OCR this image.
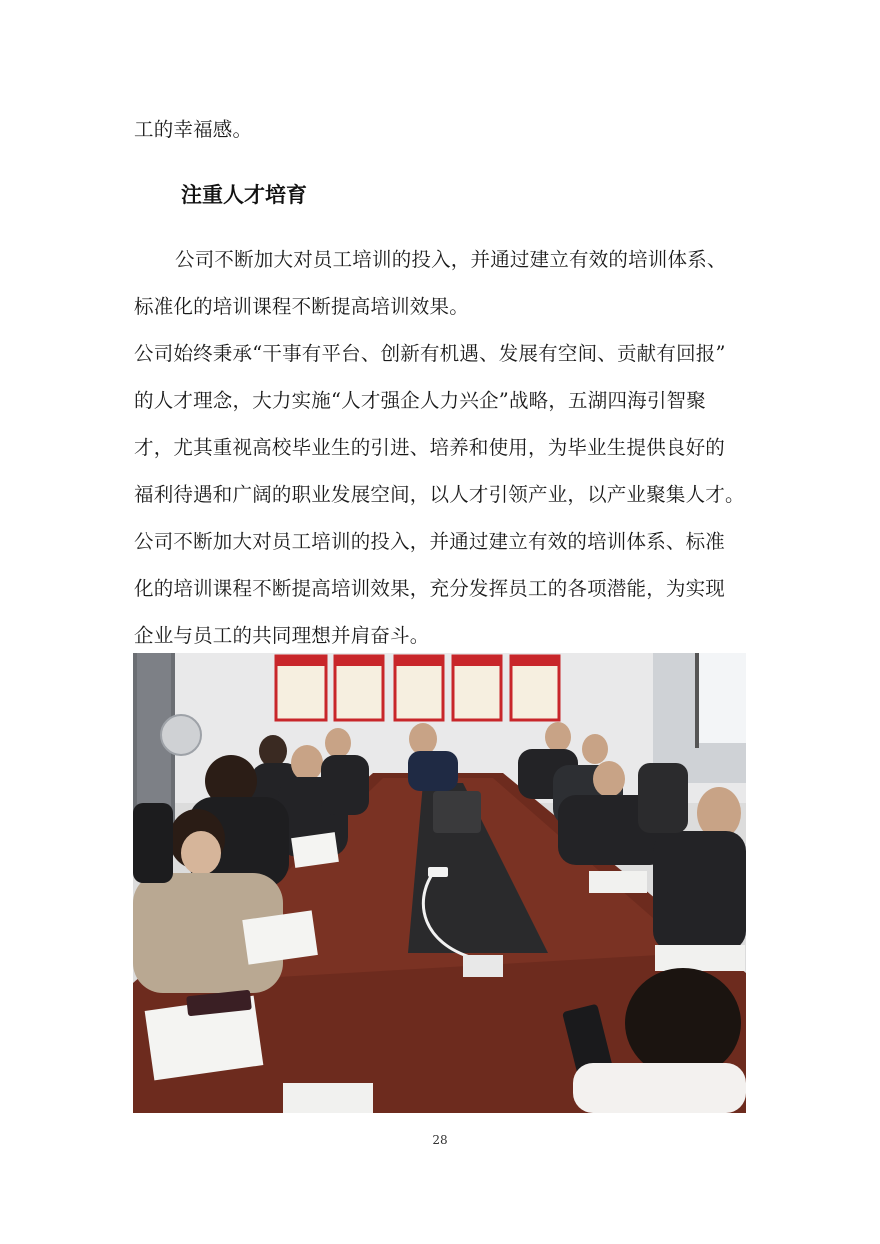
工的幸福感。
注重人才培育
公司不断加大对员工培训的投入，并通过建立有效的培训体系、
标准化的培训课程不断提高培训效果。
公司始终秉承“干事有平台、创新有机遇、发展有空间、贡献有回报”
的人才理念，大力实施“人才强企人力兴企”战略，五湖四海引智聚
才，尤其重视高校毕业生的引进、培养和使用，为毕业生提供良好的
福利待遇和广阔的职业发展空间，以人才引领产业，以产业聚集人才。
公司不断加大对员工培训的投入，并通过建立有效的培训体系、标准
化的培训课程不断提高培训效果，充分发挥员工的各项潜能，为实现
企业与员工的共同理想并肩奋斗。
28
